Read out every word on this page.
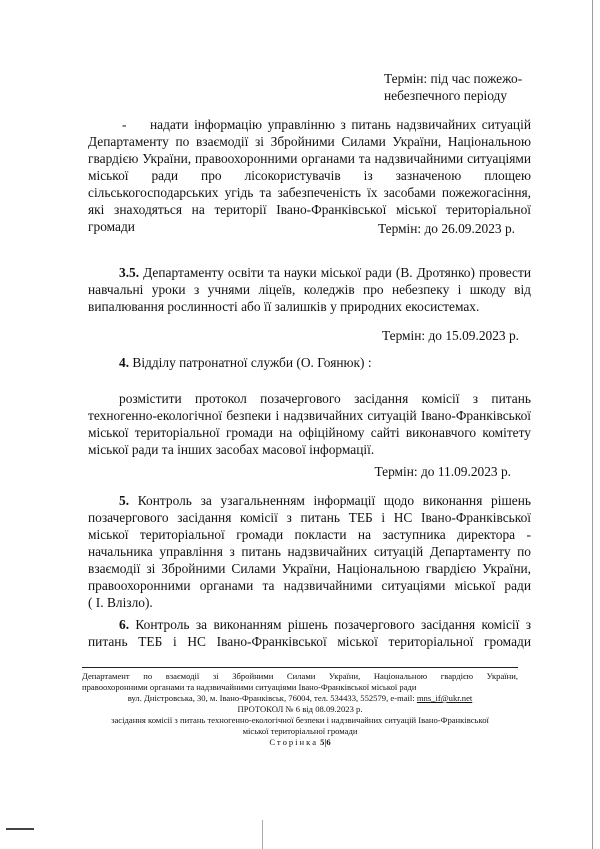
Термін: під час пожежо-
небезпечного періоду
- надати інформацію управлінню з питань надзвичайних ситуацій
Департаменту по взаємодії зі Збройними Силами України, Національною
гвардією України, правоохоронними органами та надзвичайними ситуаціями
міської ради про лісокористувачів із зазначеною площею
сільськогосподарських угідь та забезпеченість їх засобами пожежогасіння,
які знаходяться на території Івано-Франківської міської територіальної
громади	Термін: до 26.09.2023 р.
3.5. Департаменту освіти та науки міської ради (В. Дротянко) провести
навчальні уроки з учнями ліцеїв, коледжів про небезпеку і шкоду від
випалювання рослинності або її залишків у природних екосистемах.
Термін: до 15.09.2023 р.
4. Відділу патронатної служби (О. Гоянюк) :
розмістити протокол позачергового засідання комісії з питань
техногенно-екологічної безпеки і надзвичайних ситуацій Івано-Франківської
міської територіальної громади на офіційному сайті виконавчого комітету
міської ради та інших засобах масової інформації.
Термін: до 11.09.2023 р.
5. Контроль за узагальненням інформації щодо виконання рішень
позачергового засідання комісії з питань ТЕБ і НС Івано-Франківської
міської територіальної громади покласти на заступника директора -
начальника управління з питань надзвичайних ситуацій Департаменту по
взаємодії зі Збройними Силами України, Національною гвардією України,
правоохоронними органами та надзвичайними ситуаціями міської ради
( І. Влізло).
6. Контроль за виконанням рішень позачергового засідання комісії з
питань ТЕБ і НС Івано-Франківської міської територіальної громади
Департамент по взаємодії зі Збройними Силами України, Національною гвардією України,
правоохоронними органами та надзвичайними ситуаціями Івано-Франківської міської ради
вул. Дністровська, 30, м. Івано-Франківськ, 76004, тел. 534433, 552579, e-mail: mns_if@ukr.net
ПРОТОКОЛ № 6 від 08.09.2023 р.
засідання комісії з питань техногенно-екологічної безпеки і надзвичайних ситуацій Івано-Франківської
міської територіальної громади
Сторінка 5|6
